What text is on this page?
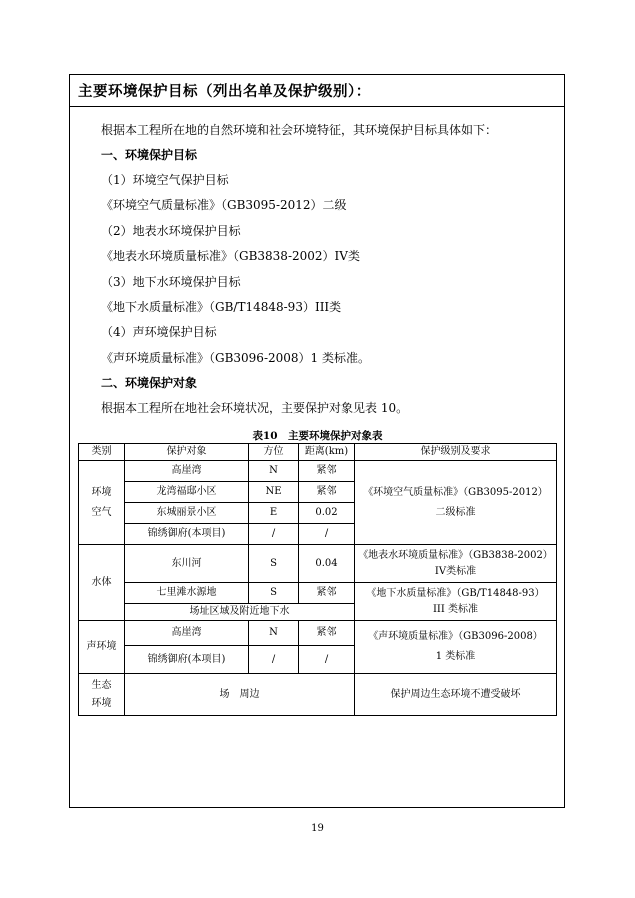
主要环境保护目标（列出名单及保护级别）：
根据本工程所在地的自然环境和社会环境特征，其环境保护目标具体如下：
一、环境保护目标
（1）环境空气保护目标
《环境空气质量标准》（GB3095-2012）二级
（2）地表水环境保护目标
《地表水环境质量标准》（GB3838-2002）IV类
（3）地下水环境保护目标
《地下水质量标准》（GB/T14848-93）III类
（4）声环境保护目标
《声环境质量标准》（GB3096-2008）1 类标准。
二、环境保护对象
根据本工程所在地社会环境状况，主要保护对象见表 10。
表10　主要环境保护对象表
类别	保护对象	方位	距离(km)	保护级别及要求
环境
空气	高崖湾	N	紧邻	《环境空气质量标准》（GB3095-2012）二级标准
	龙湾福邸小区	NE	紧邻	
	东城丽景小区	E	0.02	
	锦绣御府(本项目)	/	/	
水体	东川河	S	0.04	《地表水环境质量标准》（GB3838-2002）
IV类标准
	七里滩水源地	S	紧邻	《地下水质量标准》（GB/T14848-93）
III 类标准
	场址区域及附近地下水			
声环境	高崖湾	N	紧邻	《声环境质量标准》（GB3096-2008）
1 类标准
	锦绣御府(本项目)	/	/	
生态
环境	场　周边			保护周边生态环境不遭受破坏
19
